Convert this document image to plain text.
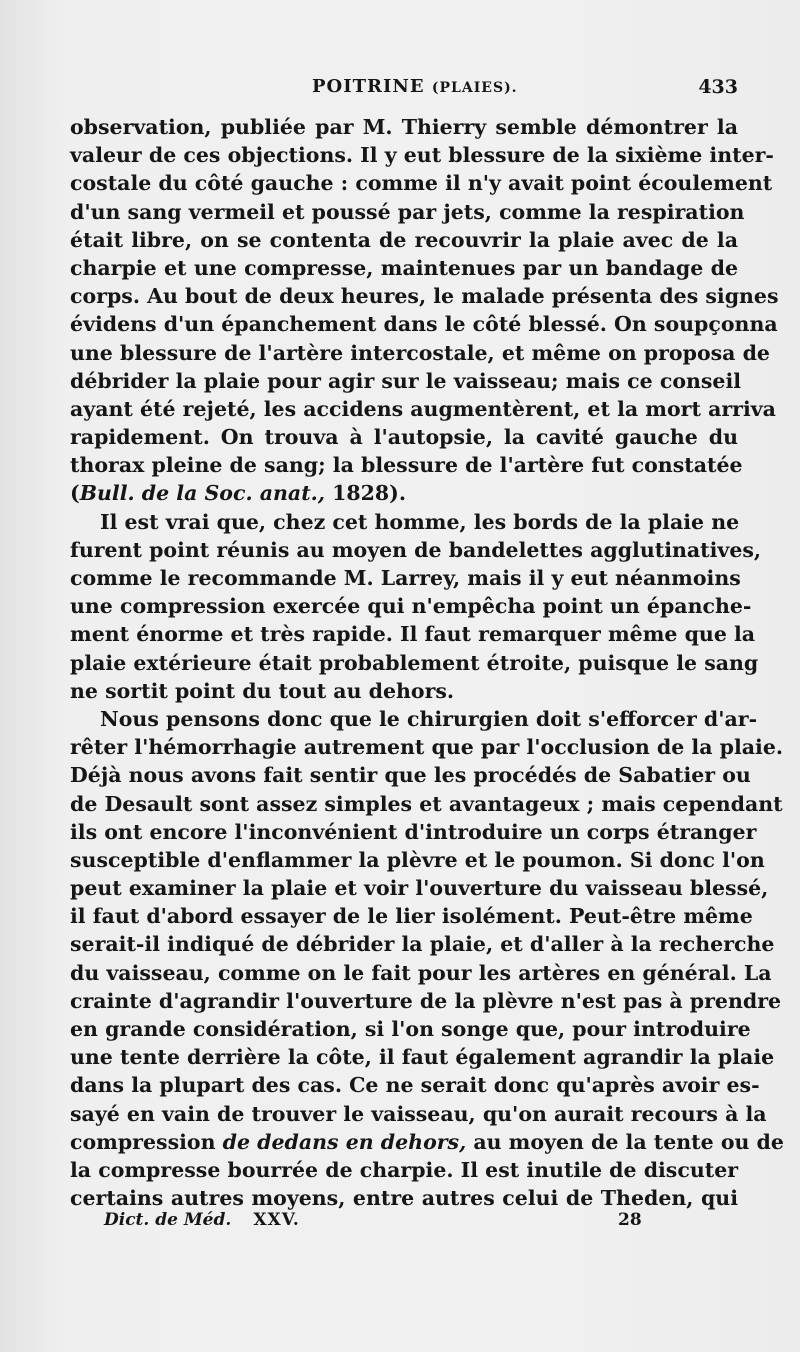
POITRINE (PLAIES).	433
observation, publiée par M. Thierry semble démontrer la
valeur de ces objections. Il y eut blessure de la sixième inter-
costale du côté gauche : comme il n'y avait point écoulement
d'un sang vermeil et poussé par jets, comme la respiration
était libre, on se contenta de recouvrir la plaie avec de la
charpie et une compresse, maintenues par un bandage de
corps. Au bout de deux heures, le malade présenta des signes
évidens d'un épanchement dans le côté blessé. On soupçonna
une blessure de l'artère intercostale, et même on proposa de
débrider la plaie pour agir sur le vaisseau; mais ce conseil
ayant été rejeté, les accidens augmentèrent, et la mort arriva
rapidement. On trouva à l'autopsie, la cavité gauche du
thorax pleine de sang; la blessure de l'artère fut constatée
(Bull. de la Soc. anat., 1828).
Il est vrai que, chez cet homme, les bords de la plaie ne
furent point réunis au moyen de bandelettes agglutinatives,
comme le recommande M. Larrey, mais il y eut néanmoins
une compression exercée qui n'empêcha point un épanche-
ment énorme et très rapide. Il faut remarquer même que la
plaie extérieure était probablement étroite, puisque le sang
ne sortit point du tout au dehors.
Nous pensons donc que le chirurgien doit s'efforcer d'ar-
rêter l'hémorrhagie autrement que par l'occlusion de la plaie.
Déjà nous avons fait sentir que les procédés de Sabatier ou
de Desault sont assez simples et avantageux ; mais cependant
ils ont encore l'inconvénient d'introduire un corps étranger
susceptible d'enflammer la plèvre et le poumon. Si donc l'on
peut examiner la plaie et voir l'ouverture du vaisseau blessé,
il faut d'abord essayer de le lier isolément. Peut-être même
serait-il indiqué de débrider la plaie, et d'aller à la recherche
du vaisseau, comme on le fait pour les artères en général. La
crainte d'agrandir l'ouverture de la plèvre n'est pas à prendre
en grande considération, si l'on songe que, pour introduire
une tente derrière la côte, il faut également agrandir la plaie
dans la plupart des cas. Ce ne serait donc qu'après avoir es-
sayé en vain de trouver le vaisseau, qu'on aurait recours à la
compression de dedans en dehors, au moyen de la tente ou de
la compresse bourrée de charpie. Il est inutile de discuter
certains autres moyens, entre autres celui de Theden, qui
Dict. de Méd. XXV.	28
